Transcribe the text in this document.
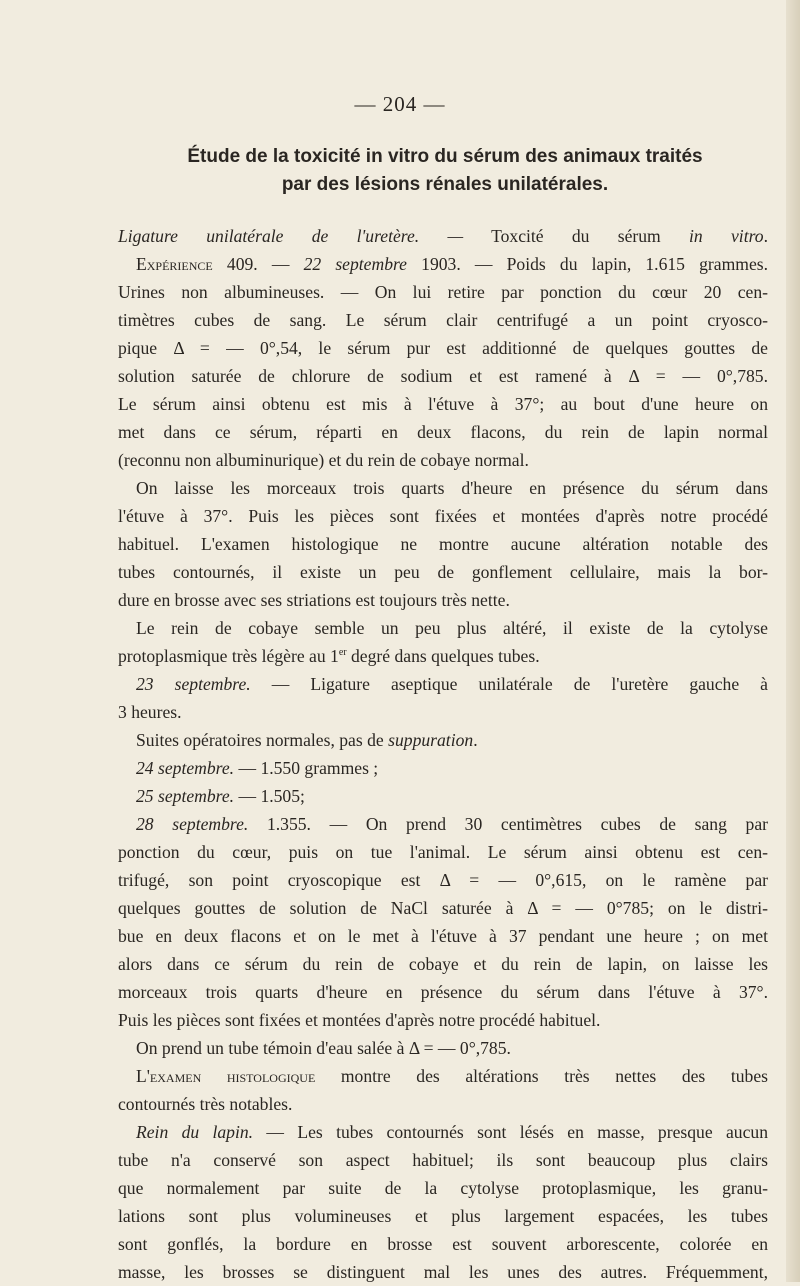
— 204 —
Étude de la toxicité in vitro du sérum des animaux traités
par des lésions rénales unilatérales.
Ligature unilatérale de l'uretère. — Toxcité du sérum in vitro.
Expérience 409. — 22 septembre 1903. — Poids du lapin, 1.615 grammes.
Urines non albumineuses. — On lui retire par ponction du cœur 20 cen-
timètres cubes de sang. Le sérum clair centrifugé a un point cryosco-
pique Δ = — 0°,54, le sérum pur est additionné de quelques gouttes de
solution saturée de chlorure de sodium et est ramené à Δ = — 0°,785.
Le sérum ainsi obtenu est mis à l'étuve à 37°; au bout d'une heure on
met dans ce sérum, réparti en deux flacons, du rein de lapin normal
(reconnu non albuminurique) et du rein de cobaye normal.
On laisse les morceaux trois quarts d'heure en présence du sérum dans
l'étuve à 37°. Puis les pièces sont fixées et montées d'après notre procédé
habituel. L'examen histologique ne montre aucune altération notable des
tubes contournés, il existe un peu de gonflement cellulaire, mais la bor-
dure en brosse avec ses striations est toujours très nette.
Le rein de cobaye semble un peu plus altéré, il existe de la cytolyse
protoplasmique très légère au 1er degré dans quelques tubes.
23 septembre. — Ligature aseptique unilatérale de l'uretère gauche à
3 heures.
Suites opératoires normales, pas de suppuration.
24 septembre. — 1.550 grammes ;
25 septembre. — 1.505;
28 septembre. 1.355. — On prend 30 centimètres cubes de sang par
ponction du cœur, puis on tue l'animal. Le sérum ainsi obtenu est cen-
trifugé, son point cryoscopique est Δ = — 0°,615, on le ramène par
quelques gouttes de solution de NaCl saturée à Δ = — 0°785; on le distri-
bue en deux flacons et on le met à l'étuve à 37 pendant une heure ; on met
alors dans ce sérum du rein de cobaye et du rein de lapin, on laisse les
morceaux trois quarts d'heure en présence du sérum dans l'étuve à 37°.
Puis les pièces sont fixées et montées d'après notre procédé habituel.
On prend un tube témoin d'eau salée à Δ = — 0°,785.
L'examen histologique montre des altérations très nettes des tubes
contournés très notables.
Rein du lapin. — Les tubes contournés sont lésés en masse, presque aucun
tube n'a conservé son aspect habituel; ils sont beaucoup plus clairs
que normalement par suite de la cytolyse protoplasmique, les granu-
lations sont plus volumineuses et plus largement espacées, les tubes
sont gonflés, la bordure en brosse est souvent arborescente, colorée en
masse, les brosses se distinguent mal les unes des autres. Fréquemment,
